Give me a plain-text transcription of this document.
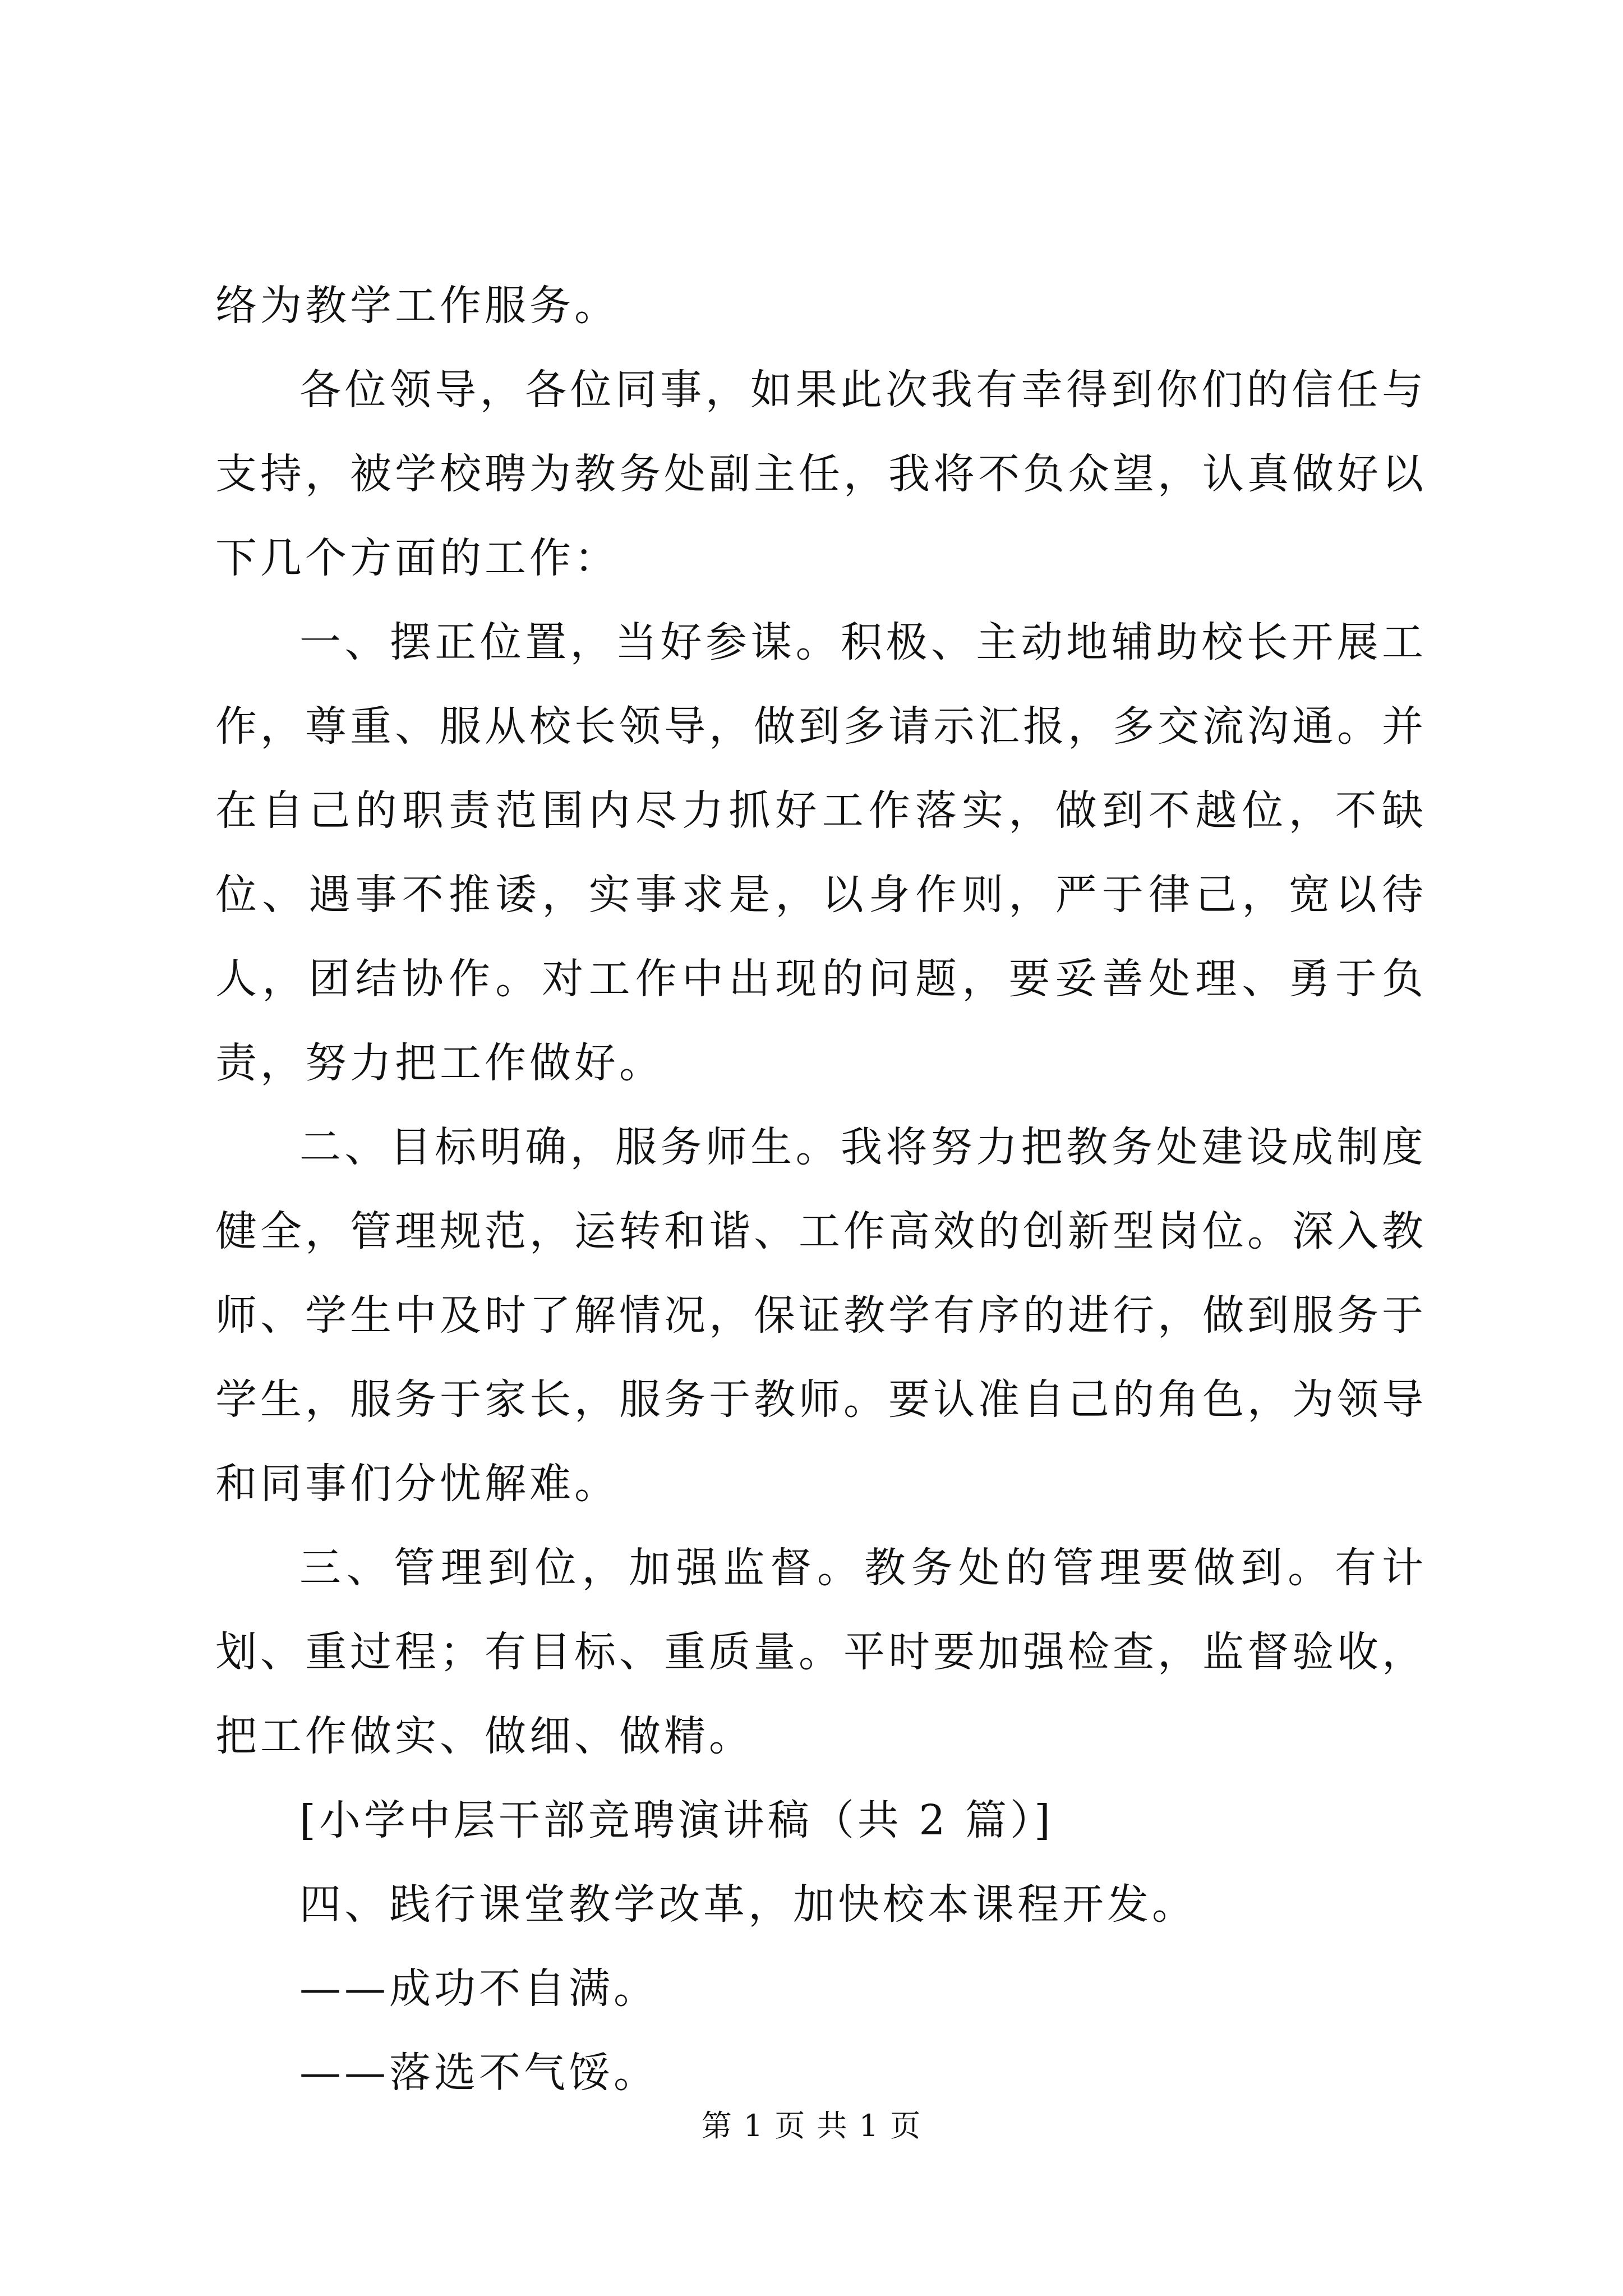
络为教学工作服务。

各位领导，各位同事，如果此次我有幸得到你们的信任与支持，被学校聘为教务处副主任，我将不负众望，认真做好以下几个方面的工作：

一、摆正位置，当好参谋。积极、主动地辅助校长开展工作，尊重、服从校长领导，做到多请示汇报，多交流沟通。并在自己的职责范围内尽力抓好工作落实，做到不越位，不缺位、遇事不推诿，实事求是，以身作则，严于律己，宽以待人，团结协作。对工作中出现的问题，要妥善处理、勇于负责，努力把工作做好。

二、目标明确，服务师生。我将努力把教务处建设成制度健全，管理规范，运转和谐、工作高效的创新型岗位。深入教师、学生中及时了解情况，保证教学有序的进行，做到服务于学生，服务于家长，服务于教师。要认准自己的角色，为领导和同事们分忧解难。

三、管理到位，加强监督。教务处的管理要做到。有计划、重过程；有目标、重质量。平时要加强检查，监督验收，把工作做实、做细、做精。

[小学中层干部竞聘演讲稿（共 2 篇）]

四、践行课堂教学改革，加快校本课程开发。

——成功不自满。

——落选不气馁。

第 1 页 共 1 页
